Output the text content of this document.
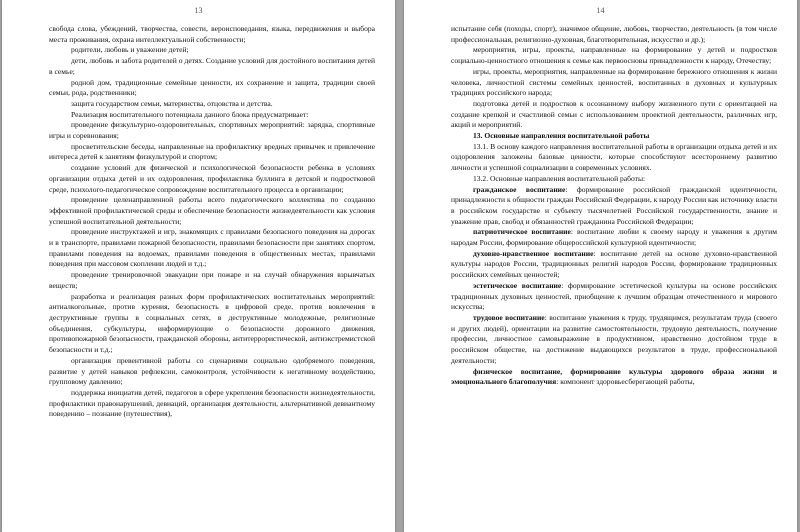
13

свобода слова, убеждений, творчества, совести, вероисповедания, языка, передвижения и выбора места проживания, охрана интеллектуальной собственности;

родители, любовь и уважение детей;

дети, любовь и забота родителей о детях. Создание условий для достойного воспитания детей в семье;

родной дом, традиционные семейные ценности, их сохранение и защита, традиции своей семьи, рода, родственники;

защита государством семьи, материнства, отцовства и детства.

Реализация воспитательного потенциала данного блока предусматривает:

проведение физкультурно-оздоровительных, спортивных мероприятий: зарядка, спортивные игры и соревнования;

просветительские беседы, направленные на профилактику вредных привычек и привлечение интереса детей к занятиям физкультурой и спортом;

создание условий для физической и психологической безопасности ребенка в условиях организации отдыха детей и их оздоровления, профилактика буллинга в детской и подростковой среде, психолого-педагогическое сопровождение воспитательного процесса в организации;

проведение целенаправленной работы всего педагогического коллектива по созданию эффективной профилактической среды и обеспечение безопасности жизнедеятельности как условия успешной воспитательной деятельности;

проведение инструктажей и игр, знакомящих с правилами безопасного поведения на дорогах и в транспорте, правилами пожарной безопасности, правилами безопасности при занятиях спортом, правилами поведения на водоемах, правилами поведения в общественных местах, правилами поведения при массовом скоплении людей и т.д.;

проведение тренировочной эвакуации при пожаре и на случай обнаружения взрывчатых веществ;

разработка и реализация разных форм профилактических воспитательных мероприятий: антиалкогольные, против курения, безопасность в цифровой среде, против вовлечения в деструктивные группы в социальных сетях, в деструктивные молодежные, религиозные объединения, субкультуры, информирующие о безопасности дорожного движения, противопожарной безопасности, гражданской обороны, антитеррористической, антиэкстремистской безопасности и т.д.;

организация превентивной работы со сценариями социально одобряемого поведения, развитие у детей навыков рефлексии, самоконтроля, устойчивости к негативному воздействию, групповому давлению;

поддержка инициатив детей, педагогов в сфере укрепления безопасности жизнедеятельности, профилактики правонарушений, девиаций, организация деятельности, альтернативной девиантному поведению – познание (путешествия),

14

испытание себя (походы, спорт), значимое общение, любовь, творчество, деятельность (в том числе профессиональная, религиозно-духовная, благотворительная, искусство и др.);

мероприятия, игры, проекты, направленные на формирование у детей и подростков социально-ценностного отношения к семье как первоосновы принадлежности к народу, Отечеству;

игры, проекты, мероприятия, направленные на формирование бережного отношения к жизни человека, личностной системы семейных ценностей, воспитанных в духовных и культурных традициях российского народа;

подготовка детей и подростков к осознанному выбору жизненного пути с ориентацией на создание крепкой и счастливой семьи с использованием проектной деятельности, различных игр, акций и мероприятий.

13. Основные направления воспитательной работы

13.1. В основу каждого направления воспитательной работы в организации отдыха детей и их оздоровления заложены базовые ценности, которые способствуют всестороннему развитию личности и успешной социализации в современных условиях.

13.2. Основные направления воспитательной работы:

гражданское воспитание: формирование российской гражданской идентичности, принадлежности к общности граждан Российской Федерации, к народу России как источнику власти в российском государстве и субъекту тысячелетней Российской государственности, знание и уважение прав, свобод и обязанностей гражданина Российской Федерации;

патриотическое воспитание: воспитание любви к своему народу и уважения к другим народам России, формирование общероссийской культурной идентичности;

духовно-нравственное воспитание: воспитание детей на основе духовно-нравственной культуры народов России, традиционных религий народов России, формирование традиционных российских семейных ценностей;

эстетическое воспитание: формирование эстетической культуры на основе российских традиционных духовных ценностей, приобщение к лучшим образцам отечественного и мирового искусства;

трудовое воспитание: воспитание уважения к труду, трудящимся, результатам труда (своего и других людей), ориентации на развитие самостоятельности, трудовую деятельность, получение профессии, личностное самовыражение в продуктивном, нравственно достойном труде в российском обществе, на достижение выдающихся результатов в труде, профессиональной деятельности;

физическое воспитание, формирование культуры здорового образа жизни и эмоционального благополучия: компонент здоровьесберегающей работы,
